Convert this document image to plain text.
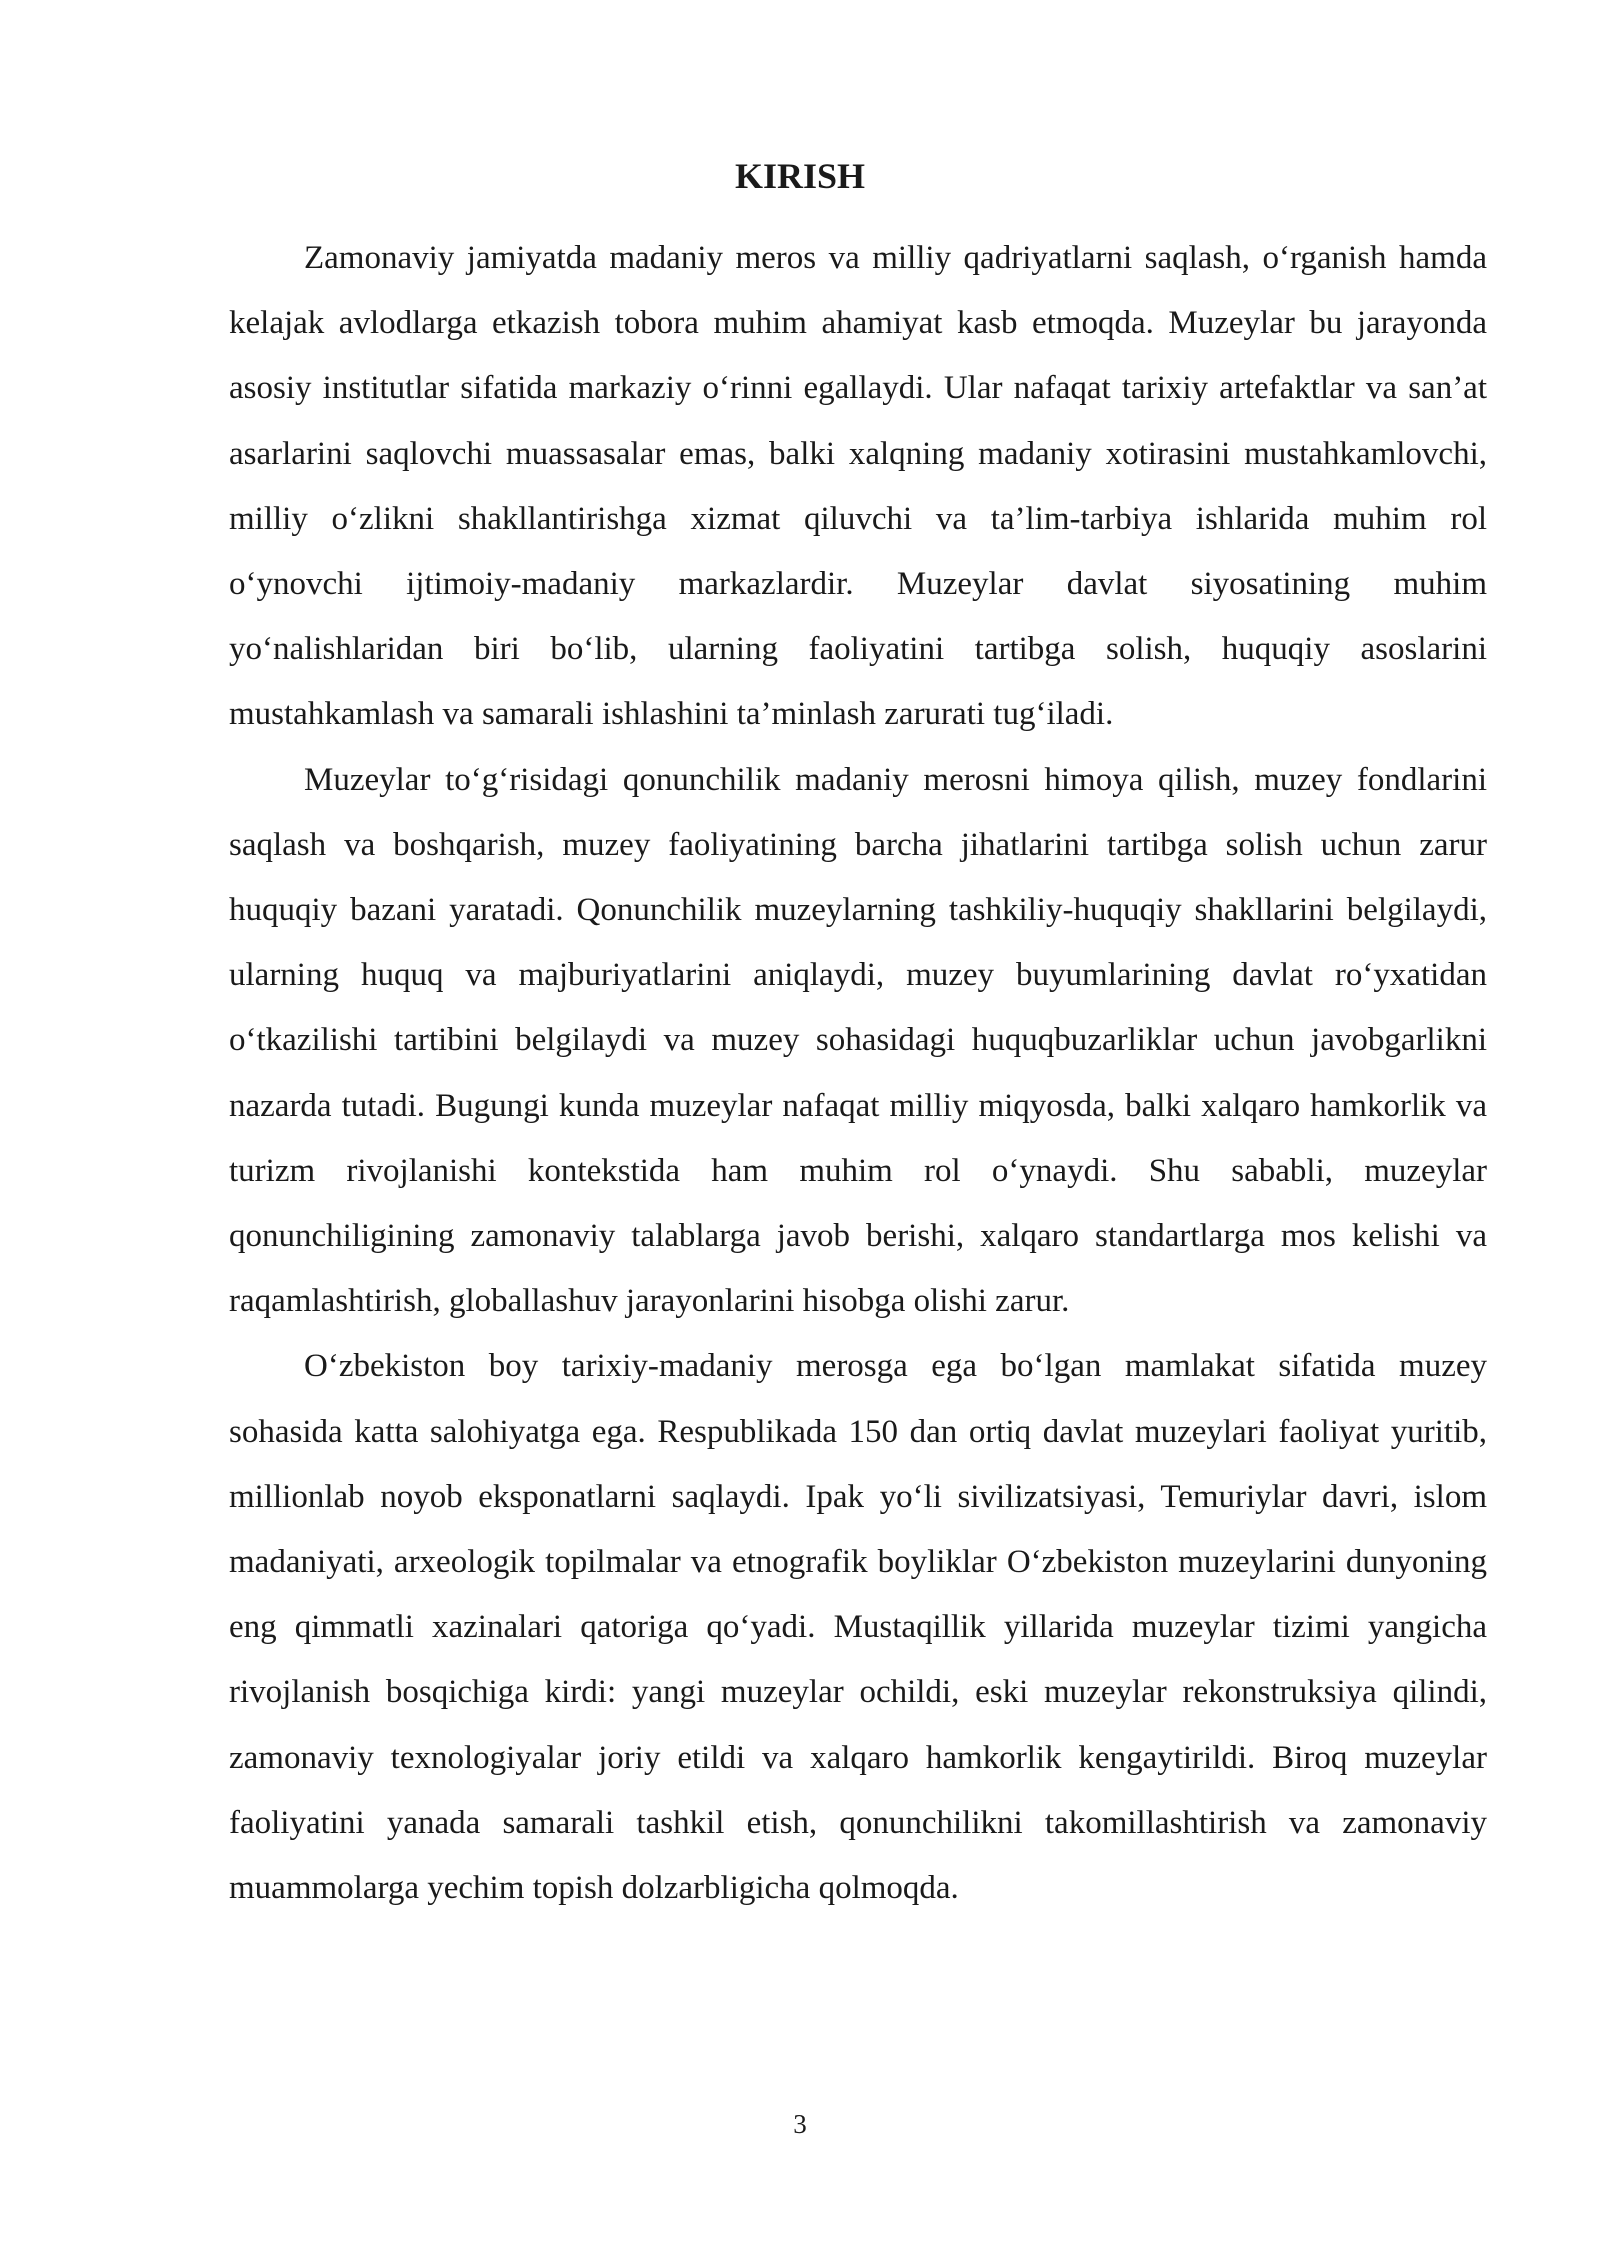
KIRISH

Zamonaviy jamiyatda madaniy meros va milliy qadriyatlarni saqlash, o‘rganish hamda kelajak avlodlarga etkazish tobora muhim ahamiyat kasb etmoqda. Muzeylar bu jarayonda asosiy institutlar sifatida markaziy o‘rinni egallaydi. Ular nafaqat tarixiy artefaktlar va san’at asarlarini saqlovchi muassasalar emas, balki xalqning madaniy xotirasini mustahkamlovchi, milliy o‘zlikni shakllantirishga xizmat qiluvchi va ta’lim-tarbiya ishlarida muhim rol o‘ynovchi ijtimoiy-madaniy markazlardir. Muzeylar davlat siyosatining muhim yo‘nalishlaridan biri bo‘lib, ularning faoliyatini tartibga solish, huquqiy asoslarini mustahkamlash va samarali ishlashini ta’minlash zarurati tug‘iladi.

Muzeylar to‘g‘risidagi qonunchilik madaniy merosni himoya qilish, muzey fondlarini saqlash va boshqarish, muzey faoliyatining barcha jihatlarini tartibga solish uchun zarur huquqiy bazani yaratadi. Qonunchilik muzeylarning tashkiliy-huquqiy shakllarini belgilaydi, ularning huquq va majburiyatlarini aniqlaydi, muzey buyumlarining davlat ro‘yxatidan o‘tkazilishi tartibini belgilaydi va muzey sohasidagi huquqbuzarliklar uchun javobgarlikni nazarda tutadi. Bugungi kunda muzeylar nafaqat milliy miqyosda, balki xalqaro hamkorlik va turizm rivojlanishi kontekstida ham muhim rol o‘ynaydi. Shu sababli, muzeylar qonunchiligining zamonaviy talablarga javob berishi, xalqaro standartlarga mos kelishi va raqamlashtirish, globallashuv jarayonlarini hisobga olishi zarur.

O‘zbekiston boy tarixiy-madaniy merosga ega bo‘lgan mamlakat sifatida muzey sohasida katta salohiyatga ega. Respublikada 150 dan ortiq davlat muzeylari faoliyat yuritib, millionlab noyob eksponatlarni saqlaydi. Ipak yo‘li sivilizatsiyasi, Temuriylar davri, islom madaniyati, arxeologik topilmalar va etnografik boyliklar O‘zbekiston muzeylarini dunyoning eng qimmatli xazinalari qatoriga qo‘yadi. Mustaqillik yillarida muzeylar tizimi yangicha rivojlanish bosqichiga kirdi: yangi muzeylar ochildi, eski muzeylar rekonstruksiya qilindi, zamonaviy texnologiyalar joriy etildi va xalqaro hamkorlik kengaytirildi. Biroq muzeylar faoliyatini yanada samarali tashkil etish, qonunchilikni takomillashtirish va zamonaviy muammolarga yechim topish dolzarbligicha qolmoqda.

3
